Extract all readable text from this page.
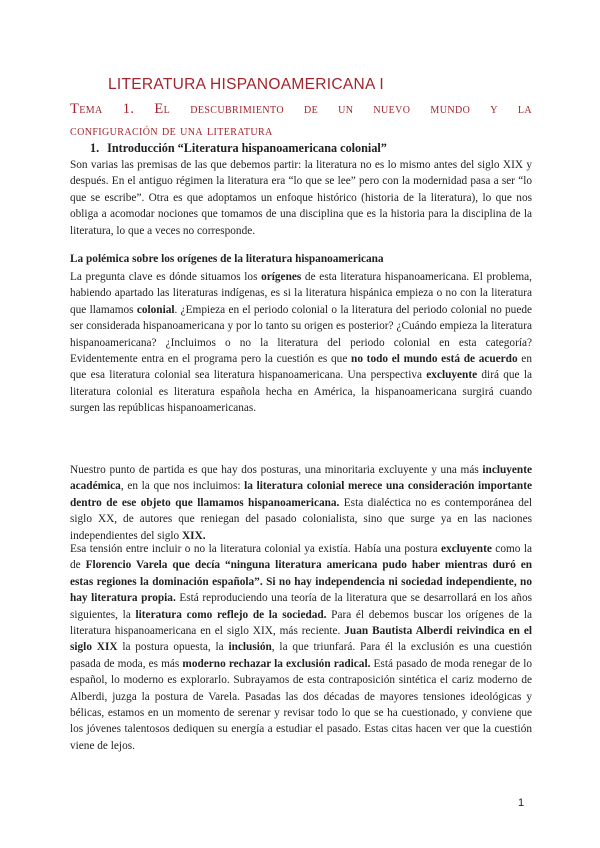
LITERATURA HISPANOAMERICANA I
Tema 1. El descubrimiento de un nuevo mundo y la
configuración de una literatura
1. Introducción “Literatura hispanoamericana colonial”

Son varias las premisas de las que debemos partir: la literatura no es lo mismo antes del siglo XIX y después. En el antiguo régimen la literatura era “lo que se lee” pero con la modernidad pasa a ser “lo que se escribe”. Otra es que adoptamos un enfoque histórico (historia de la literatura), lo que nos obliga a acomodar nociones que tomamos de una disciplina que es la historia para la disciplina de la literatura, lo que a veces no corresponde.

La polémica sobre los orígenes de la literatura hispanoamericana

La pregunta clave es dónde situamos los orígenes de esta literatura hispanoamericana. El problema, habiendo apartado las literaturas indígenas, es si la literatura hispánica empieza o no con la literatura que llamamos colonial. ¿Empieza en el periodo colonial o la literatura del periodo colonial no puede ser considerada hispanoamericana y por lo tanto su origen es posterior? ¿Cuándo empieza la literatura hispanoamericana? ¿Incluimos o no la literatura del periodo colonial en esta categoría? Evidentemente entra en el programa pero la cuestión es que no todo el mundo está de acuerdo en que esa literatura colonial sea literatura hispanoamericana. Una perspectiva excluyente dirá que la literatura colonial es literatura española hecha en América, la hispanoamericana surgirá cuando surgen las repúblicas hispanoamericanas.

Nuestro punto de partida es que hay dos posturas, una minoritaria excluyente y una más incluyente académica, en la que nos incluimos: la literatura colonial merece una consideración importante dentro de ese objeto que llamamos hispanoamericana. Esta dialéctica no es contemporánea del siglo XX, de autores que reniegan del pasado colonialista, sino que surge ya en las naciones independientes del siglo XIX.

Esa tensión entre incluir o no la literatura colonial ya existía. Había una postura excluyente como la de Florencio Varela que decía “ninguna literatura americana pudo haber mientras duró en estas regiones la dominación española”. Si no hay independencia ni sociedad independiente, no hay literatura propia. Está reproduciendo una teoría de la literatura que se desarrollará en los años siguientes, la literatura como reflejo de la sociedad. Para él debemos buscar los orígenes de la literatura hispanoamericana en el siglo XIX, más reciente. Juan Bautista Alberdi reivindica en el siglo XIX la postura opuesta, la inclusión, la que triunfará. Para él la exclusión es una cuestión pasada de moda, es más moderno rechazar la exclusión radical. Está pasado de moda renegar de lo español, lo moderno es explorarlo. Subrayamos de esta contraposición sintética el cariz moderno de Alberdi, juzga la postura de Varela. Pasadas las dos décadas de mayores tensiones ideológicas y bélicas, estamos en un momento de serenar y revisar todo lo que se ha cuestionado, y conviene que los jóvenes talentosos dediquen su energía a estudiar el pasado. Estas citas hacen ver que la cuestión viene de lejos.

1
